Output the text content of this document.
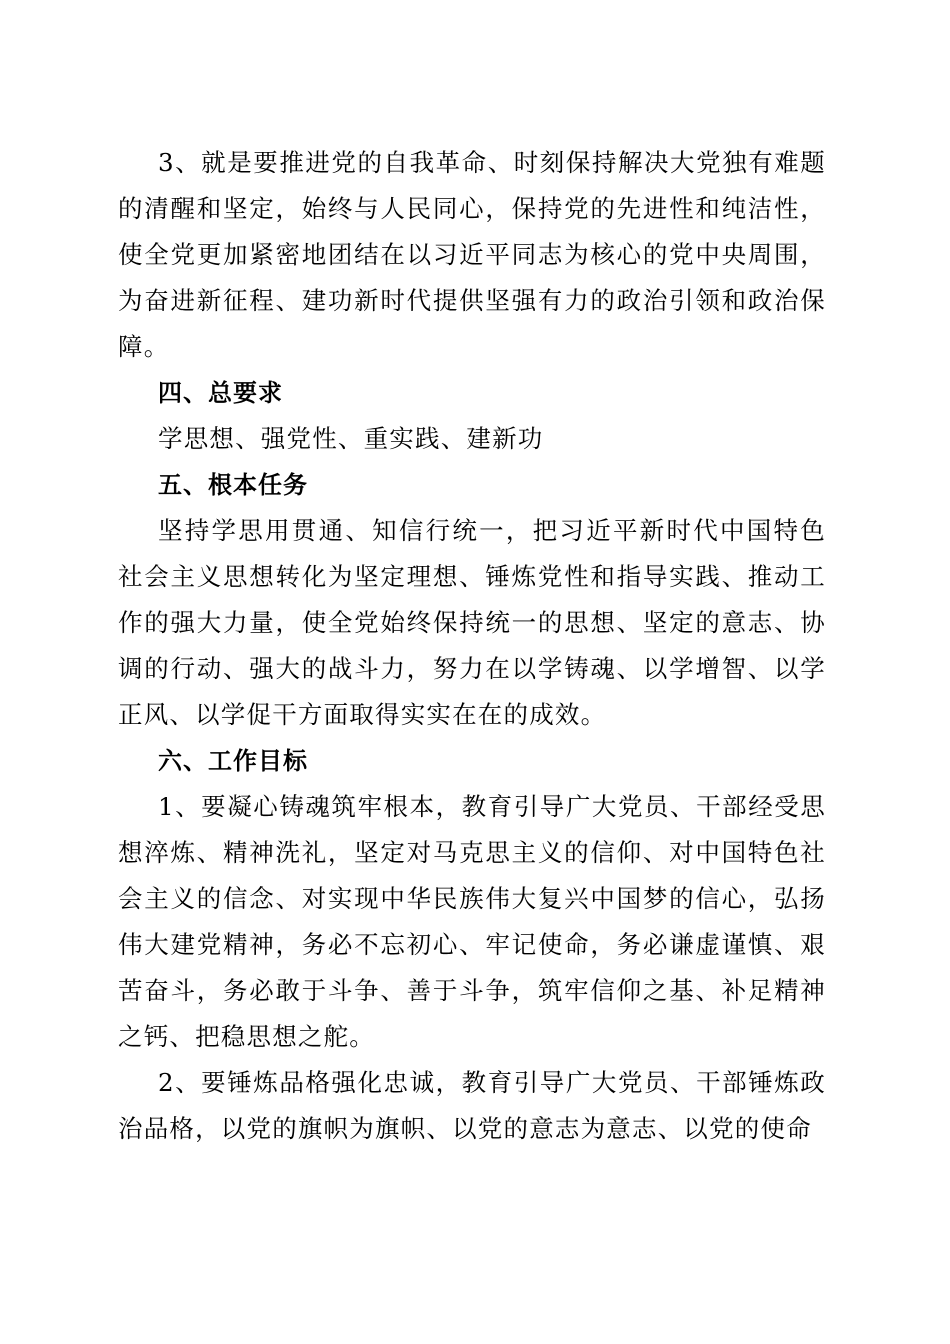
3、就是要推进党的自我革命、时刻保持解决大党独有难题的清醒和坚定，始终与人民同心，保持党的先进性和纯洁性，使全党更加紧密地团结在以习近平同志为核心的党中央周围，为奋进新征程、建功新时代提供坚强有力的政治引领和政治保障。

四、总要求

学思想、强党性、重实践、建新功

五、根本任务

坚持学思用贯通、知信行统一，把习近平新时代中国特色社会主义思想转化为坚定理想、锤炼党性和指导实践、推动工作的强大力量，使全党始终保持统一的思想、坚定的意志、协调的行动、强大的战斗力，努力在以学铸魂、以学增智、以学正风、以学促干方面取得实实在在的成效。

六、工作目标

1、要凝心铸魂筑牢根本，教育引导广大党员、干部经受思想淬炼、精神洗礼，坚定对马克思主义的信仰、对中国特色社会主义的信念、对实现中华民族伟大复兴中国梦的信心，弘扬伟大建党精神，务必不忘初心、牢记使命，务必谦虚谨慎、艰苦奋斗，务必敢于斗争、善于斗争，筑牢信仰之基、补足精神之钙、把稳思想之舵。

2、要锤炼品格强化忠诚，教育引导广大党员、干部锤炼政治品格，以党的旗帜为旗帜、以党的意志为意志、以党的使命
